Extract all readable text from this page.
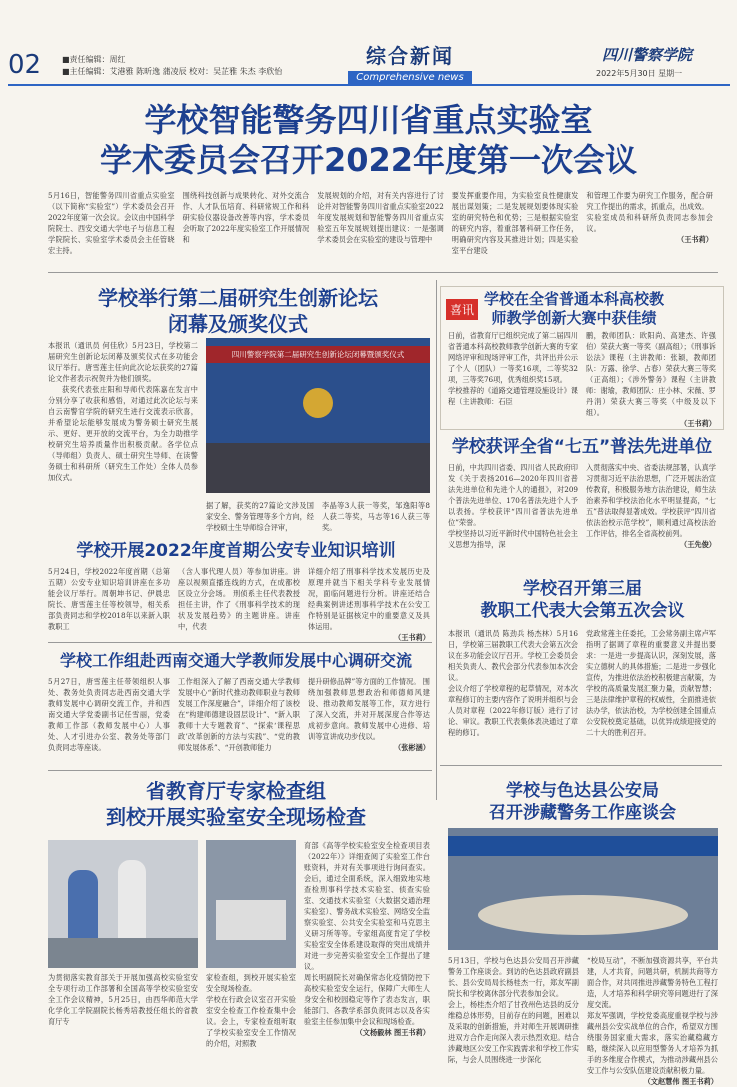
02	■责任编辑：周红
■主任编辑：艾港雅 陈昕逸 蒲凌辰 校对：吴芷雅 朱杰 李欣怡
综合新闻
Comprehensive news
四川警察学院
2022年5月30日 星期一
学校智能警务四川省重点实验室
学术委员会召开2022年度第一次会议
5月16日，智能警务四川省重点实验室（以下简称“实验室”）学术委员会召开2022年度第一次会议。会议由中国科学院院士、西安交通大学电子与信息工程学院院长、实验室学术委员会主任管晓宏主持。
围绕科技创新与成果转化、对外交流合作、人才队伍培育、科研常规工作和科研实验仪器设备改善等内容，学术委员会听取了2022年度实验室工作开展情况和
发展规划的介绍，对有关内容进行了讨论并对智能警务四川省重点实验室2022年度发展规划和智能警务四川省重点实验室五年发展规划提出建议：一是强调学术委员会在实验室的建设与管理中
要发挥重要作用，为实验室良性健康发展出谋划策；二是发展规划要体现实验室的研究特色和优势；三是根据实验室的研究内容，着重部署科研工作任务，明确研究内容及其推进计划；四是实验室平台建设
和管理工作要为研究工作服务，配合研究工作提出的需求，抓重点，出成效。
实验室成员和科研所负责同志参加会议。
（王书莉）
学校举行第二届研究生创新论坛
闭幕及颁奖仪式
本报讯（通讯员 何佳欣）5月23日，学校第二届研究生创新论坛闭幕及颁奖仪式在多功能会议厅举行。唐雪莲主任向此次论坛获奖的27篇论文作者表示祝贺并为他们颁奖。
获奖代表张庄阳和导师代表陈嘉在发言中分别分享了收获和感悟，对通过此次论坛与来自云南警官学院的研究生进行交流表示欣喜，并希望论坛能够发展成为警务硕士研究生展示、更好、更开放的交流平台，为全力助推学校研究生培养质量作出积极贡献。各学位点（导师组）负责人、硕士研究生导师、在读警务硕士和科研所（研究生工作处）全体人员参加仪式。
四川警察学院第二届研究生创新论坛闭幕暨颁奖仪式
据了解，获奖的27篇论文涉及国家安全、警务管理等多个方向，经学校硕士生导师综合评审，
李晶等3人获一等奖，邹逸阳等8人获二等奖，马志等16人获三等奖。
喜讯
学校在全省普通本科高校教
师教学创新大赛中获佳绩
日前，省教育厅已组织完成了第二届四川省普通本科高校教师教学创新大赛的专家网络评审和现场评审工作，共评出并公示了个人（团队）一等奖16项，二等奖32项，三等奖76项，优秀组织奖15项。
学校推荐的《道路交通管理设施设计》课程（主讲教师：石臣
鹏，教师团队：欧阳尚、高建杰、许强伯）荣获大赛一等奖（副高组）；《刑事诉讼法》课程（主讲教师：张颖，教师团队：万露、徐学、占春）荣获大赛三等奖（正高组）；《涉外警务》课程（主讲教师：谢瑜，教师团队：庄小林、宋薇、罗丹涓）荣获大赛三等奖（中级及以下组）。
（王书莉）
学校获评全省“七五”普法先进单位
日前，中共四川省委、四川省人民政府印发《关于表扬2016—2020年四川省普法先进单位和先进个人的通报》，对209个普法先进单位、170名普法先进个人予以表扬。学校获评“四川省普法先进单位”荣誉。
学校坚持以习近平新时代中国特色社会主义思想为指导，深
入贯彻落实中央、省委法规部署，认真学习贯彻习近平法治思想，广泛开展法治宣传教育，积极服务地方法治建设，师生法治素养和学校法治化水平明显提高，“七五”普法取得显著成效。学校获评“四川省依法治校示范学校”，顺利通过高校法治工作评估，排名全省高校前列。
（王先俊）
学校开展2022年度首期公安专业知识培训
5月24日，学校2022年度首期（总第五期）公安专业知识培训讲座在多功能会议厅举行。周朝坤书记、伊晨忠院长、唐雪莲主任等校领导，相关系部负责同志和学校2018年以来新入职教职工
（含人事代理人员）等参加讲座。讲座以视频直播连线的方式，在成都校区设立分会场。 刑侦系主任代表教授担任主讲，作了《刑事科学技术的现状及发展趋势》的主题讲座。讲座中，代表
详细介绍了刑事科学技术发展历史及原理并就当下相关学科专业发展情况，面临问题进行分析。讲座还结合经典案例讲述刑事科学技术在公安工作特别是证据核定中的重要意义及具体运用。
（王书莉）
学校工作组赴西南交通大学教师发展中心调研交流
5月27日，唐雪莲主任带领组织人事处、教务处负责同志赴西南交通大学教师发展中心调研交流工作，并和西南交通大学党委副书记任雪丽，党委教师工作部（教师发展中心）人事处、人才引进办公室、教务处等部门负责同志等座谈。
工作组深入了解了西南交通大学教师发展中心“新时代推动教师职业与教师发展工作深度融合”，详细介绍了该校在“构建师德建设固层设计”、“新入职教师十大专题教育”、“探索‘课程思政’改革创新的方法与实践”、“党的教师发展体系”、“开创教师能力
提升研修品牌”等方面的工作情况。 围绕加强教师思想政治和师德师风建设、推动教师发展等工作，双方进行了深入交流，并对开展深度合作等达成初步意向。教师发展中心进修、培训等宣讲成功步伐以。
（张彬涵）
学校召开第三届
教职工代表大会第五次会议
本报讯（通讯员 陈劲兵 杨杰林）5月16日，学校第三届教职工代表大会第五次会议在多功能会议厅召开。学校工会委员会相关负责人、教代会部分代表参加本次会议。
会议介绍了学校章程的起草情况，对本次章程修订的主要内容作了说明并组织与会人员对章程（2022年修订版）进行了讨论、审议。教职工代表集体表决通过了章程的修订。
党政常莲主任委托，工会常务副主席卢军指明了据调了章程的重要意义并提出要求：一是进一步提高认识，深刻发展，落实立德树人的具体措施；二是进一步强化宣传，为推进依法治校积极建言献策，为学校的高质量发展汇聚力量，贡献智慧；三是法律维护章程的权威性，全面推进依法办学，依法治校，为学校创建全国重点公安院校奠定基础，以优异成绩迎接党的二十大的胜利召开。
省教育厅专家检查组
到校开展实验室安全现场检查
为贯彻落实教育部关于开展加强高校实验室安全专项行动工作部署和全国高等学校实验室安全工作会议精神，5月25日，由西华师范大学化学化工学院副院长杨秀培教授任组长的省教育厅专
家检查组，到校开展实验室安全现场检查。
学校在行政会议室召开实验室安全检查工作检查集中会议。会上，专家检查组听取了学校实验室安全工作情况的介绍，对照教
育部《高等学校实验室安全检查项目表（2022年）》详细查阅了实验室工作台账资料，并对有关事项进行询问查实。会后，通过全面系统，深入细致地实地查检刑事科学技术实验室、侦查实验室、交通技术实验室（大数据交通治理实验室）、警务战术实验室、网络安全监察实验室、公共安全实验室和马克思主义研习所等等。专家组高度肯定了学校实验室安全体系建设取得的突出成绩并对进一步完善实验室安全工作提出了建议。
周长明副院长对确保常态化疫情防控下高校实验室安全运行，保障广大师生人身安全和校园稳定等作了表态发言，职能部门、各教学系部负责同志以及各实验室主任参加集中会议和现场检查。
（文杨毅林 图王书莉）
学校与色达县公安局
召开涉藏警务工作座谈会
5月13日，学校与色达县公安局召开涉藏警务工作座谈会。到访的色达县政府副县长、县公安局局长杨桂杰一行，郑友军副院长和学校离休部分代表参加会议。
会上，杨桂杰介绍了甘孜州色达县的反分维稳总体形势，目前存在的问题，困难以及采取的创新措施，并对师生开展调研推进双方合作走向深入表示热烈欢迎。结合涉藏地区公安工作实践需求和学校工作实际，与会人员围绕进一步深化
“校局互动”，不断加强资源共享，平台共建，人才共育，问题共研，机制共商等方面合作，对共同推进涉藏警务特色工程打造，人才培养和科学研究等问题进行了深度交流。
郑友军强调，学校党委高度重视学校与涉藏州县公安实战单位的合作，希望双方围绕服务国家重大需求，落实治藏稳藏方略，继续深入以应用型警务人才培养为抓手的多维度合作模式，为推动涉藏州县公安工作与公安队伍建设贡献积极力量。
（文赵慧伟 图王书莉）
